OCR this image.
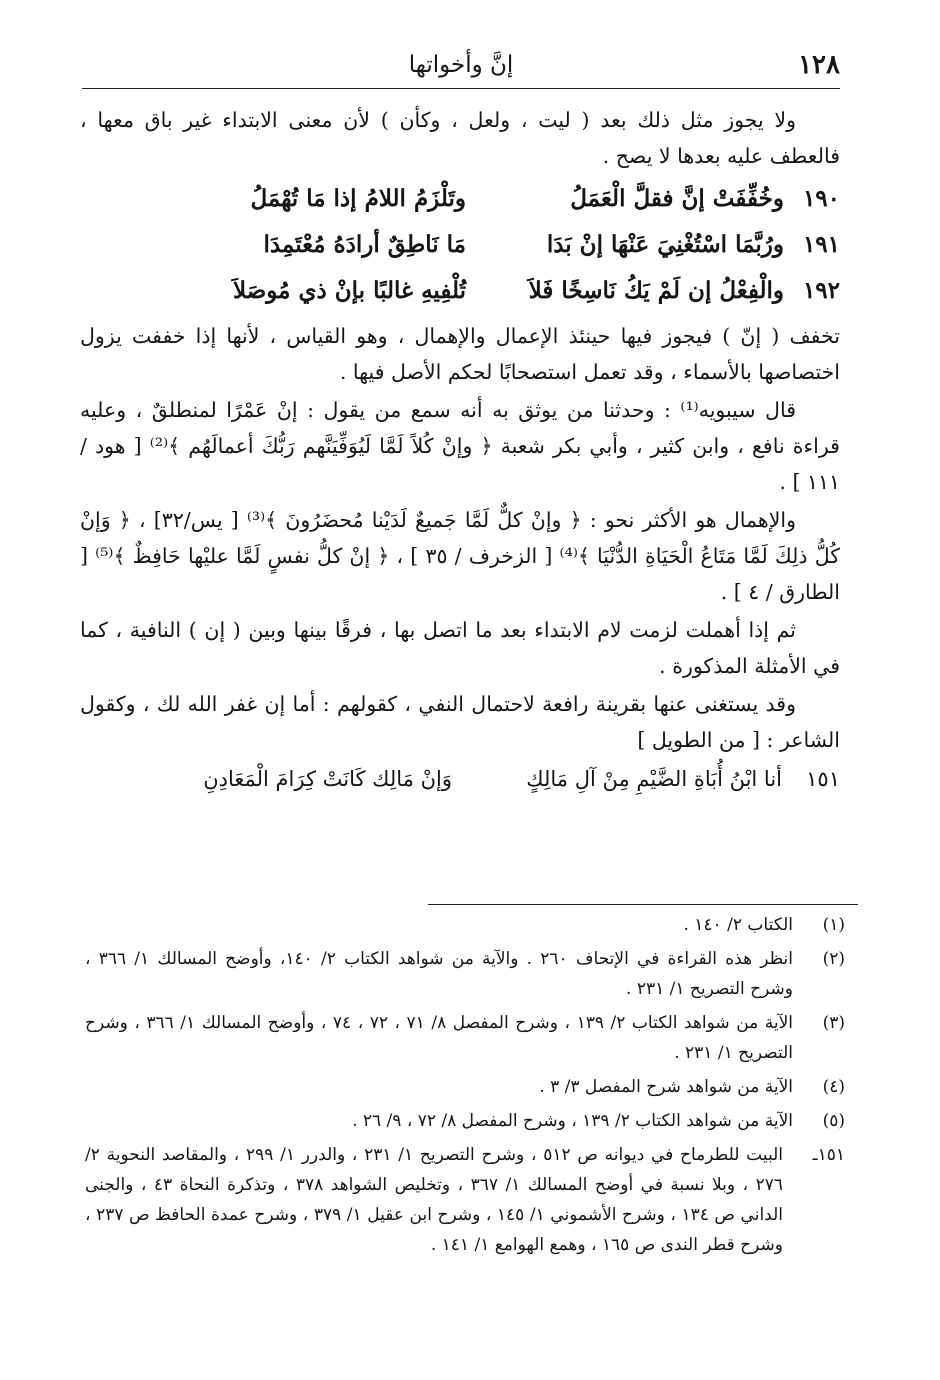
١٢٨
إنَّ وأخواتها

ولا يجوز مثل ذلك بعد ( ليت ، ولعل ، وكأن ) لأن معنى الابتداء غير باق معها ، فالعطف عليه بعدها لا يصح .

١٩٠
وخُفِّفَتْ إنَّ فقلَّ الْعَمَلُ
وتَلْزَمُ اللامُ إذا مَا تُهْمَلُ
١٩١
ورُبَّمَا اسْتُغْنِيَ عَنْهَا إنْ بَدَا
مَا نَاطِقٌ أرادَهُ مُعْتَمِدَا
١٩٢
والْفِعْلُ إن لَمْ يَكُ نَاسِخًا فَلاَ
تُلْفِيهِ غالبًا بإنْ ذي مُوصَلاَ

تخفف ( إنّ ) فيجوز فيها حينئذ الإعمال والإهمال ، وهو القياس ، لأنها إذا خففت يزول اختصاصها بالأسماء ، وقد تعمل استصحابًا لحكم الأصل فيها .

قال سيبويه⁽¹⁾ : وحدثنا من يوثق به أنه سمع من يقول : إنْ عَمْرًا لمنطلقٌ ، وعليه قراءة نافع ، وابن كثير ، وأبي بكر شعبة ﴿ وإنْ كُلاً لَمَّا لَيُوَفِّيَنَّهم رَبُّكَ أعمالَهُم ﴾⁽²⁾ [ هود / ١١١ ] .

والإهمال هو الأكثر نحو : ﴿ وإنْ كلٌّ لَمَّا جَميعٌ لَدَيْنا مُحضَرُونَ ﴾⁽³⁾ [ يس/٣٢] ، ﴿ وَإنْ كُلُّ ذلِكَ لَمَّا مَتَاعُ الْحَيَاةِ الدُّنْيَا ﴾⁽⁴⁾ [ الزخرف / ٣٥ ] ، ﴿ إنْ كلُّ نفسٍ لَمَّا عليْها حَافِظٌ ﴾⁽⁵⁾ [ الطارق / ٤ ] .

ثم إذا أهملت لزمت لام الابتداء بعد ما اتصل بها ، فرقًا بينها وبين ( إن ) النافية ، كما في الأمثلة المذكورة .

وقد يستغنى عنها بقرينة رافعة لاحتمال النفي ، كقولهم : أما إن غفر الله لك ، وكقول الشاعر : [ من الطويل ]

١٥١
أنا ابْنُ أُبَاةِ الضَّيْمِ مِنْ آلِ مَالِكٍ
وَإنْ مَالِك كَانَتْ كِرَامَ الْمَعَادِنِ
(١)
الكتاب ٢/ ١٤٠ .
(٢)
انظر هذه القراءة في الإتحاف ٢٦٠ . والآية من شواهد الكتاب ٢/ ١٤٠، وأوضح المسالك ١/ ٣٦٦ ، وشرح التصريح ١/ ٢٣١ .
(٣)
الآية من شواهد الكتاب ٢/ ١٣٩ ، وشرح المفصل ٨/ ٧١ ، ٧٢ ، ٧٤ ، وأوضح المسالك ١/ ٣٦٦ ، وشرح التصريح ١/ ٢٣١ .
(٤)
الآية من شواهد شرح المفصل ٣/ ٣ .
(٥)
الآية من شواهد الكتاب ٢/ ١٣٩ ، وشرح المفصل ٨/ ٧٢ ، ٩/ ٢٦ .
١٥١ـ
البيت للطرماح في ديوانه ص ٥١٢ ، وشرح التصريح ١/ ٢٣١ ، والدرر ١/ ٢٩٩ ، والمقاصد النحوية ٢/ ٢٧٦ ، وبلا نسبة في أوضح المسالك ١/ ٣٦٧ ، وتخليص الشواهد ٣٧٨ ، وتذكرة النحاة ٤٣ ، والجنى الداني ص ١٣٤ ، وشرح الأشموني ١/ ١٤٥ ، وشرح ابن عقيل ١/ ٣٧٩ ، وشرح عمدة الحافظ ص ٢٣٧ ، وشرح قطر الندى ص ١٦٥ ، وهمع الهوامع ١/ ١٤١ .
